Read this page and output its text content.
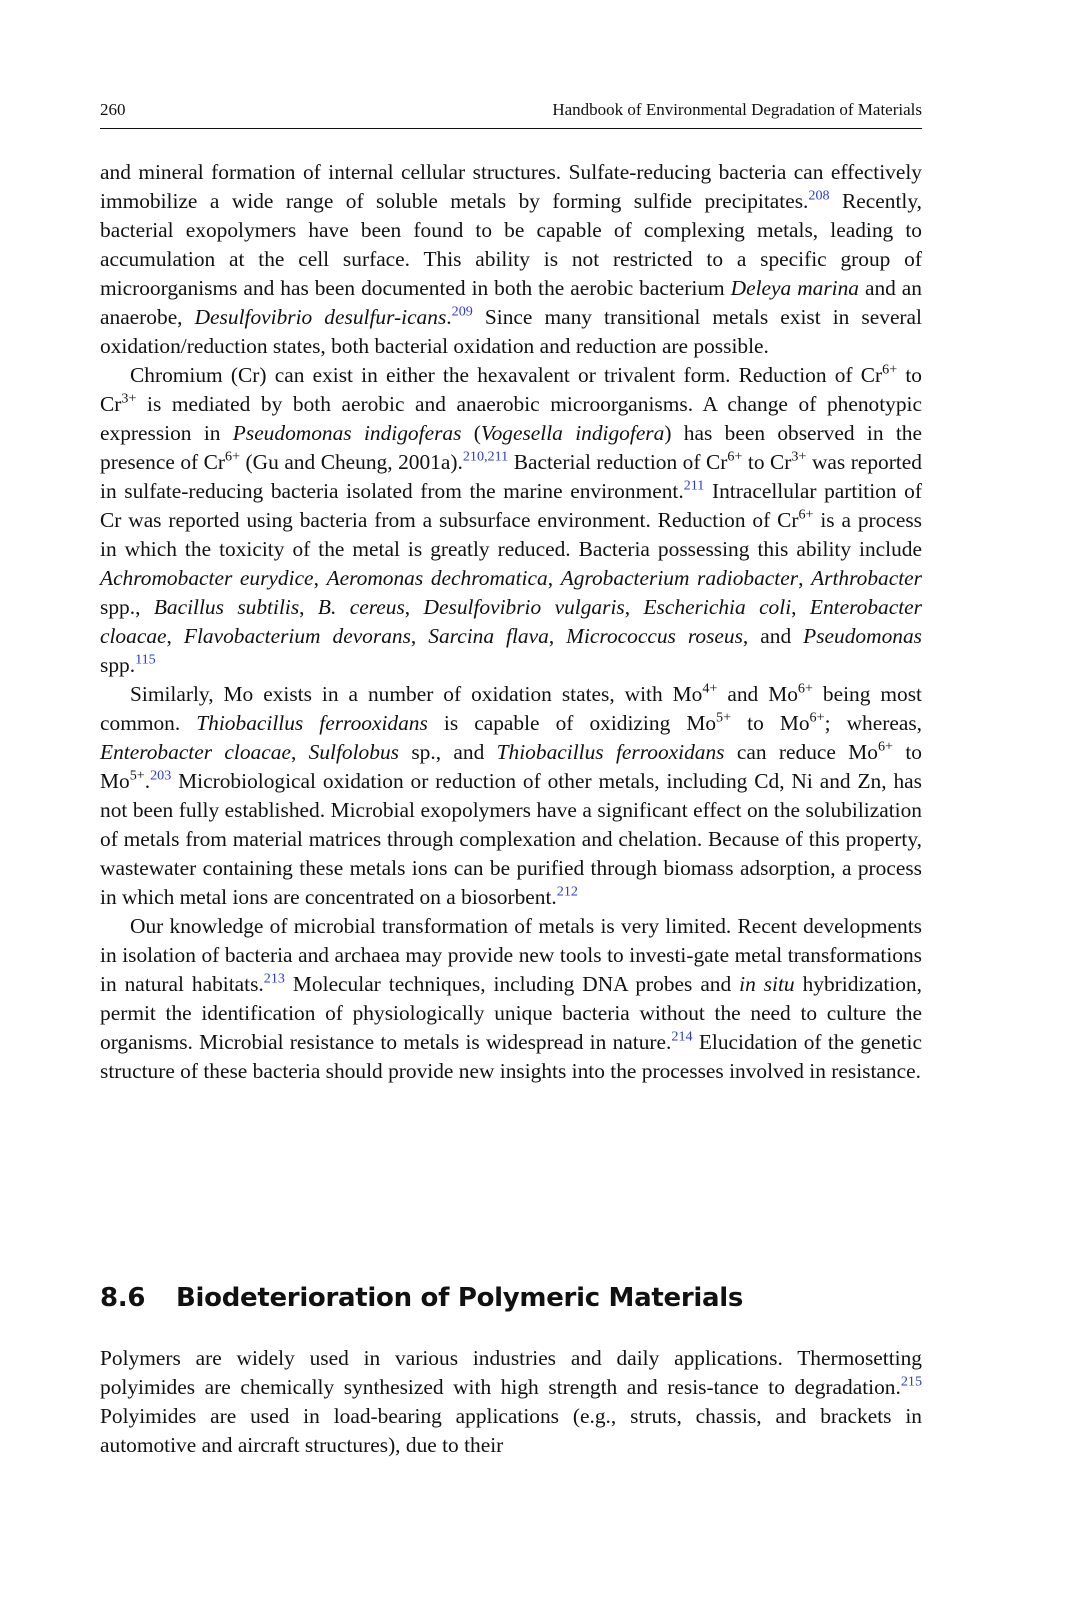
260	Handbook of Environmental Degradation of Materials

and mineral formation of internal cellular structures. Sulfate-reducing bacteria can effectively immobilize a wide range of soluble metals by forming sulfide precipitates.$^{208}$ Recently, bacterial exopolymers have been found to be capable of complexing metals, leading to accumulation at the cell surface. This ability is not restricted to a specific group of microorganisms and has been documented in both the aerobic bacterium Deleya marina and an anaerobe, Desulfovibrio desulfur-icans.$^{209}$ Since many transitional metals exist in several oxidation/reduction states, both bacterial oxidation and reduction are possible.

Chromium (Cr) can exist in either the hexavalent or trivalent form. Reduction of $Cr^{6+}$ to $Cr^{3+}$ is mediated by both aerobic and anaerobic microorganisms. A change of phenotypic expression in Pseudomonas indigoferas (Vogesella indigofera) has been observed in the presence of $Cr^{6+}$ (Gu and Cheung, 2001a).$^{210,211}$ Bacterial reduction of $Cr^{6+}$ to $Cr^{3+}$ was reported in sulfate-reducing bacteria isolated from the marine environment.$^{211}$ Intracellular partition of Cr was reported using bacteria from a subsurface environment. Reduction of $Cr^{6+}$ is a process in which the toxicity of the metal is greatly reduced. Bacteria possessing this ability include Achromobacter eurydice, Aeromonas dechromatica, Agrobacterium radiobacter, Arthrobacter spp., Bacillus subtilis, B. cereus, Desulfovibrio vulgaris, Escherichia coli, Enterobacter cloacae, Flavobacterium devorans, Sarcina flava, Micrococcus roseus, and Pseudomonas spp.$^{115}$

Similarly, Mo exists in a number of oxidation states, with $Mo^{4+}$ and $Mo^{6+}$ being most common. Thiobacillus ferrooxidans is capable of oxidizing $Mo^{5+}$ to $Mo^{6+}$; whereas, Enterobacter cloacae, Sulfolobus sp., and Thiobacillus ferrooxidans can reduce $Mo^{6+}$ to $Mo^{5+}.^{203}$ Microbiological oxidation or reduction of other metals, including Cd, Ni and Zn, has not been fully established. Microbial exopolymers have a significant effect on the solubilization of metals from material matrices through complexation and chelation. Because of this property, wastewater containing these metals ions can be purified through biomass adsorption, a process in which metal ions are concentrated on a biosorbent.$^{212}$

Our knowledge of microbial transformation of metals is very limited. Recent developments in isolation of bacteria and archaea may provide new tools to investi-gate metal transformations in natural habitats.$^{213}$ Molecular techniques, including DNA probes and in situ hybridization, permit the identification of physiologically unique bacteria without the need to culture the organisms. Microbial resistance to metals is widespread in nature.$^{214}$ Elucidation of the genetic structure of these bacteria should provide new insights into the processes involved in resistance.

8.6 Biodeterioration of Polymeric Materials

Polymers are widely used in various industries and daily applications. Thermosetting polyimides are chemically synthesized with high strength and resis-tance to degradation.$^{215}$ Polyimides are used in load-bearing applications (e.g., struts, chassis, and brackets in automotive and aircraft structures), due to their
